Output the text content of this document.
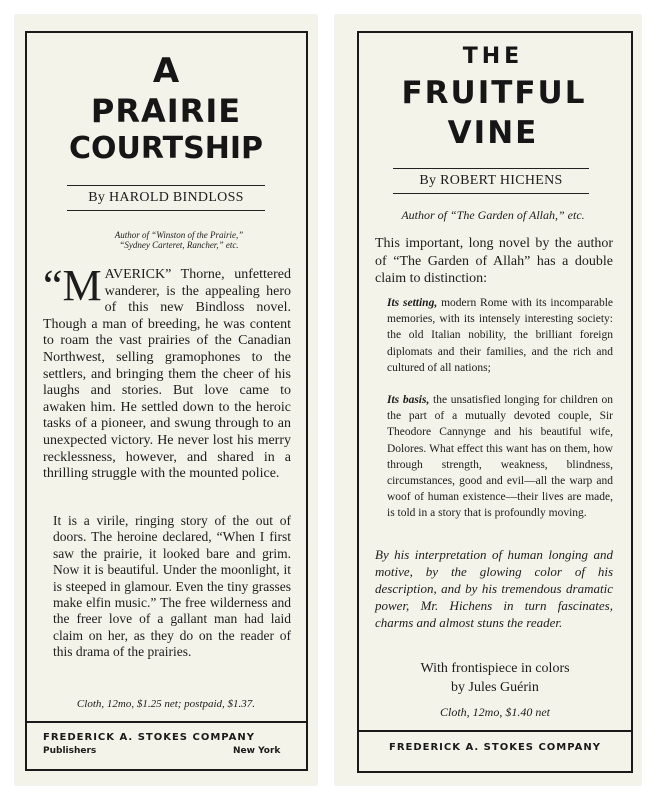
A
PRAIRIE
COURTSHIP
By HAROLD BINDLOSS
Author of “Winston of the Prairie,”
“Sydney Carteret, Rancher,” etc.

“M AVERICK” Thorne, unfettered wanderer, is the appealing hero of this new Bindloss novel. Though a man of breeding, he was content to roam the vast prairies of the Canadian Northwest, selling gramophones to the settlers, and bringing them the cheer of his laughs and stories. But love came to awaken him. He settled down to the heroic tasks of a pioneer, and swung through to an unexpected victory. He never lost his merry recklessness, however, and shared in a thrilling struggle with the mounted police.

It is a virile, ringing story of the out of doors. The heroine declared, “When I first saw the prairie, it looked bare and grim. Now it is beautiful. Under the moonlight, it is steeped in glamour. Even the tiny grasses make elfin music.” The free wilderness and the freer love of a gallant man had laid claim on her, as they do on the reader of this drama of the prairies.

Cloth, 12mo, $1.25 net; postpaid, $1.37.
FREDERICK A. STOKES COMPANY
Publishers	New York
THE
FRUITFUL
VINE
By ROBERT HICHENS
Author of “The Garden of Allah,” etc.

This important, long novel by the author of “The Garden of Allah” has a double claim to distinction:

Its setting, modern Rome with its incomparable memories, with its intensely interesting society: the old Italian nobility, the brilliant foreign diplomats and their families, and the rich and cultured of all nations;

Its basis, the unsatisfied longing for children on the part of a mutually devoted couple, Sir Theodore Cannynge and his beautiful wife, Dolores. What effect this want has on them, how through strength, weakness, blindness, circumstances, good and evil—all the warp and woof of human existence—their lives are made, is told in a story that is profoundly moving.

By his interpretation of human longing and motive, by the glowing color of his description, and by his tremendous dramatic power, Mr. Hichens in turn fascinates, charms and almost stuns the reader.

With frontispiece in colors
by Jules Guérin
Cloth, 12mo, $1.40 net
FREDERICK A. STOKES COMPANY
